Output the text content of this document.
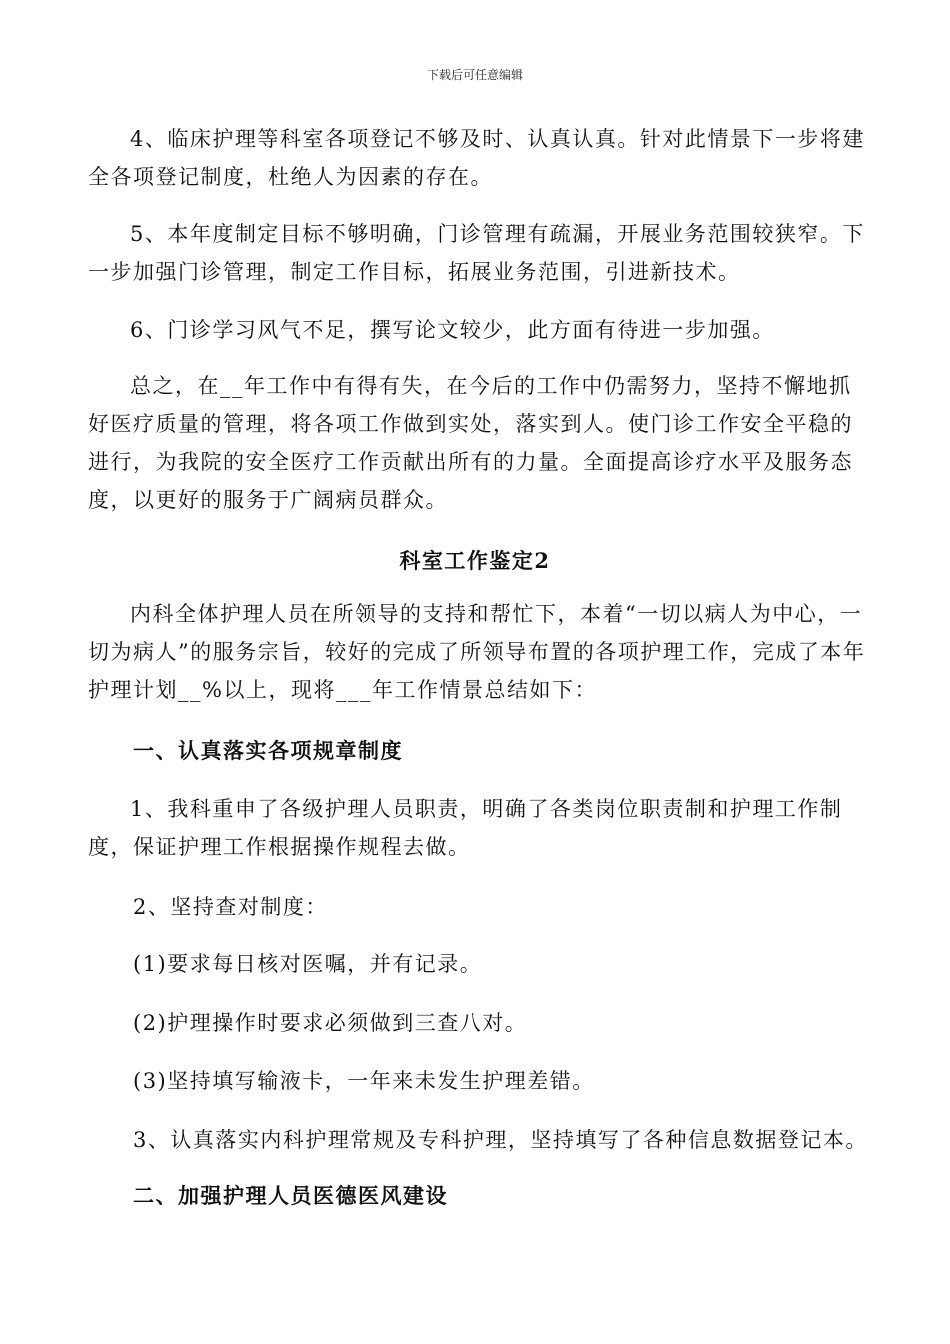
下载后可任意编辑

4、临床护理等科室各项登记不够及时、认真认真。针对此情景下一步将建全各项登记制度，杜绝人为因素的存在。

5、本年度制定目标不够明确，门诊管理有疏漏，开展业务范围较狭窄。下一步加强门诊管理，制定工作目标，拓展业务范围，引进新技术。

6、门诊学习风气不足，撰写论文较少，此方面有待进一步加强。

总之，在__年工作中有得有失，在今后的工作中仍需努力，坚持不懈地抓好医疗质量的管理，将各项工作做到实处，落实到人。使门诊工作安全平稳的进行，为我院的安全医疗工作贡献出所有的力量。全面提高诊疗水平及服务态度，以更好的服务于广阔病员群众。

科室工作鉴定2

内科全体护理人员在所领导的支持和帮忙下，本着“一切以病人为中心，一切为病人”的服务宗旨，较好的完成了所领导布置的各项护理工作，完成了本年护理计划__%以上，现将___年工作情景总结如下：

一、认真落实各项规章制度

1、我科重申了各级护理人员职责，明确了各类岗位职责制和护理工作制度，保证护理工作根据操作规程去做。

2、坚持查对制度：

(1)要求每日核对医嘱，并有记录。

(2)护理操作时要求必须做到三查八对。

(3)坚持填写输液卡，一年来未发生护理差错。

3、认真落实内科护理常规及专科护理，坚持填写了各种信息数据登记本。

二、加强护理人员医德医风建设
